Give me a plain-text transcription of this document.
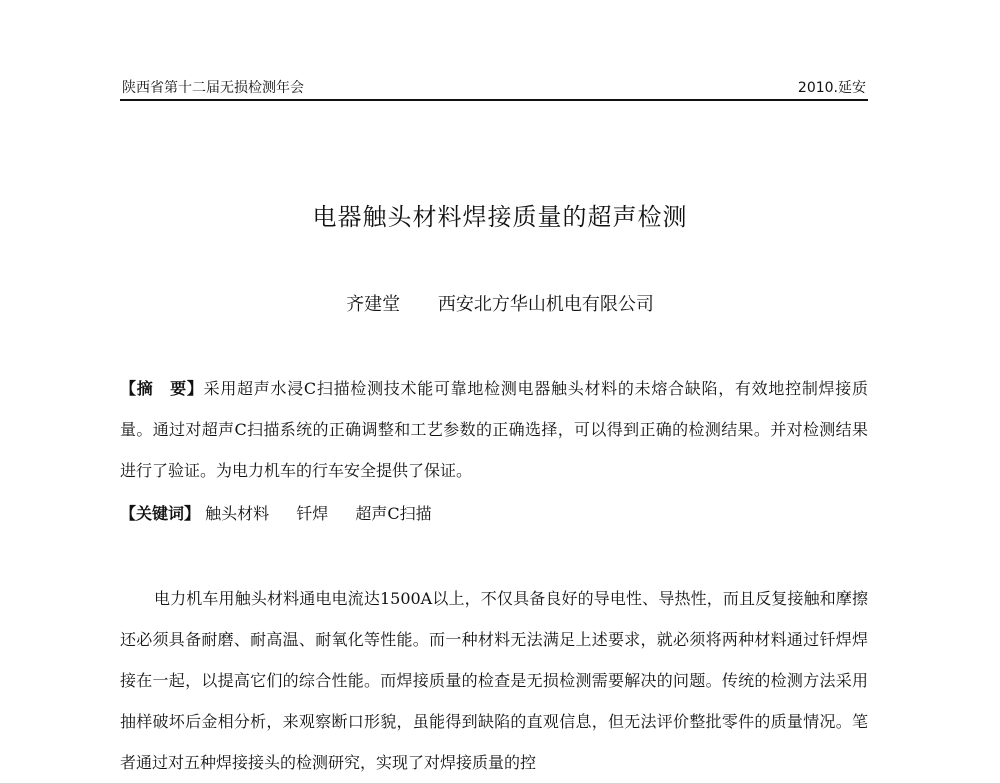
陕西省第十二届无损检测年会	2010.延安
电器触头材料焊接质量的超声检测
齐建堂 西安北方华山机电有限公司
【摘　要】采用超声水浸C扫描检测技术能可靠地检测电器触头材料的未熔合缺陷，有效地控制焊接质量。通过对超声C扫描系统的正确调整和工艺参数的正确选择，可以得到正确的检测结果。并对检测结果进行了验证。为电力机车的行车安全提供了保证。
【关键词】 触头材料 钎焊 超声C扫描
电力机车用触头材料通电电流达1500A以上，不仅具备良好的导电性、导热性，而且反复接触和摩擦还必须具备耐磨、耐高温、耐氧化等性能。而一种材料无法满足上述要求，就必须将两种材料通过钎焊焊接在一起，以提高它们的综合性能。而焊接质量的检查是无损检测需要解决的问题。传统的检测方法采用抽样破坏后金相分析，来观察断口形貌，虽能得到缺陷的直观信息，但无法评价整批零件的质量情况。笔者通过对五种焊接接头的检测研究，实现了对焊接质量的控
